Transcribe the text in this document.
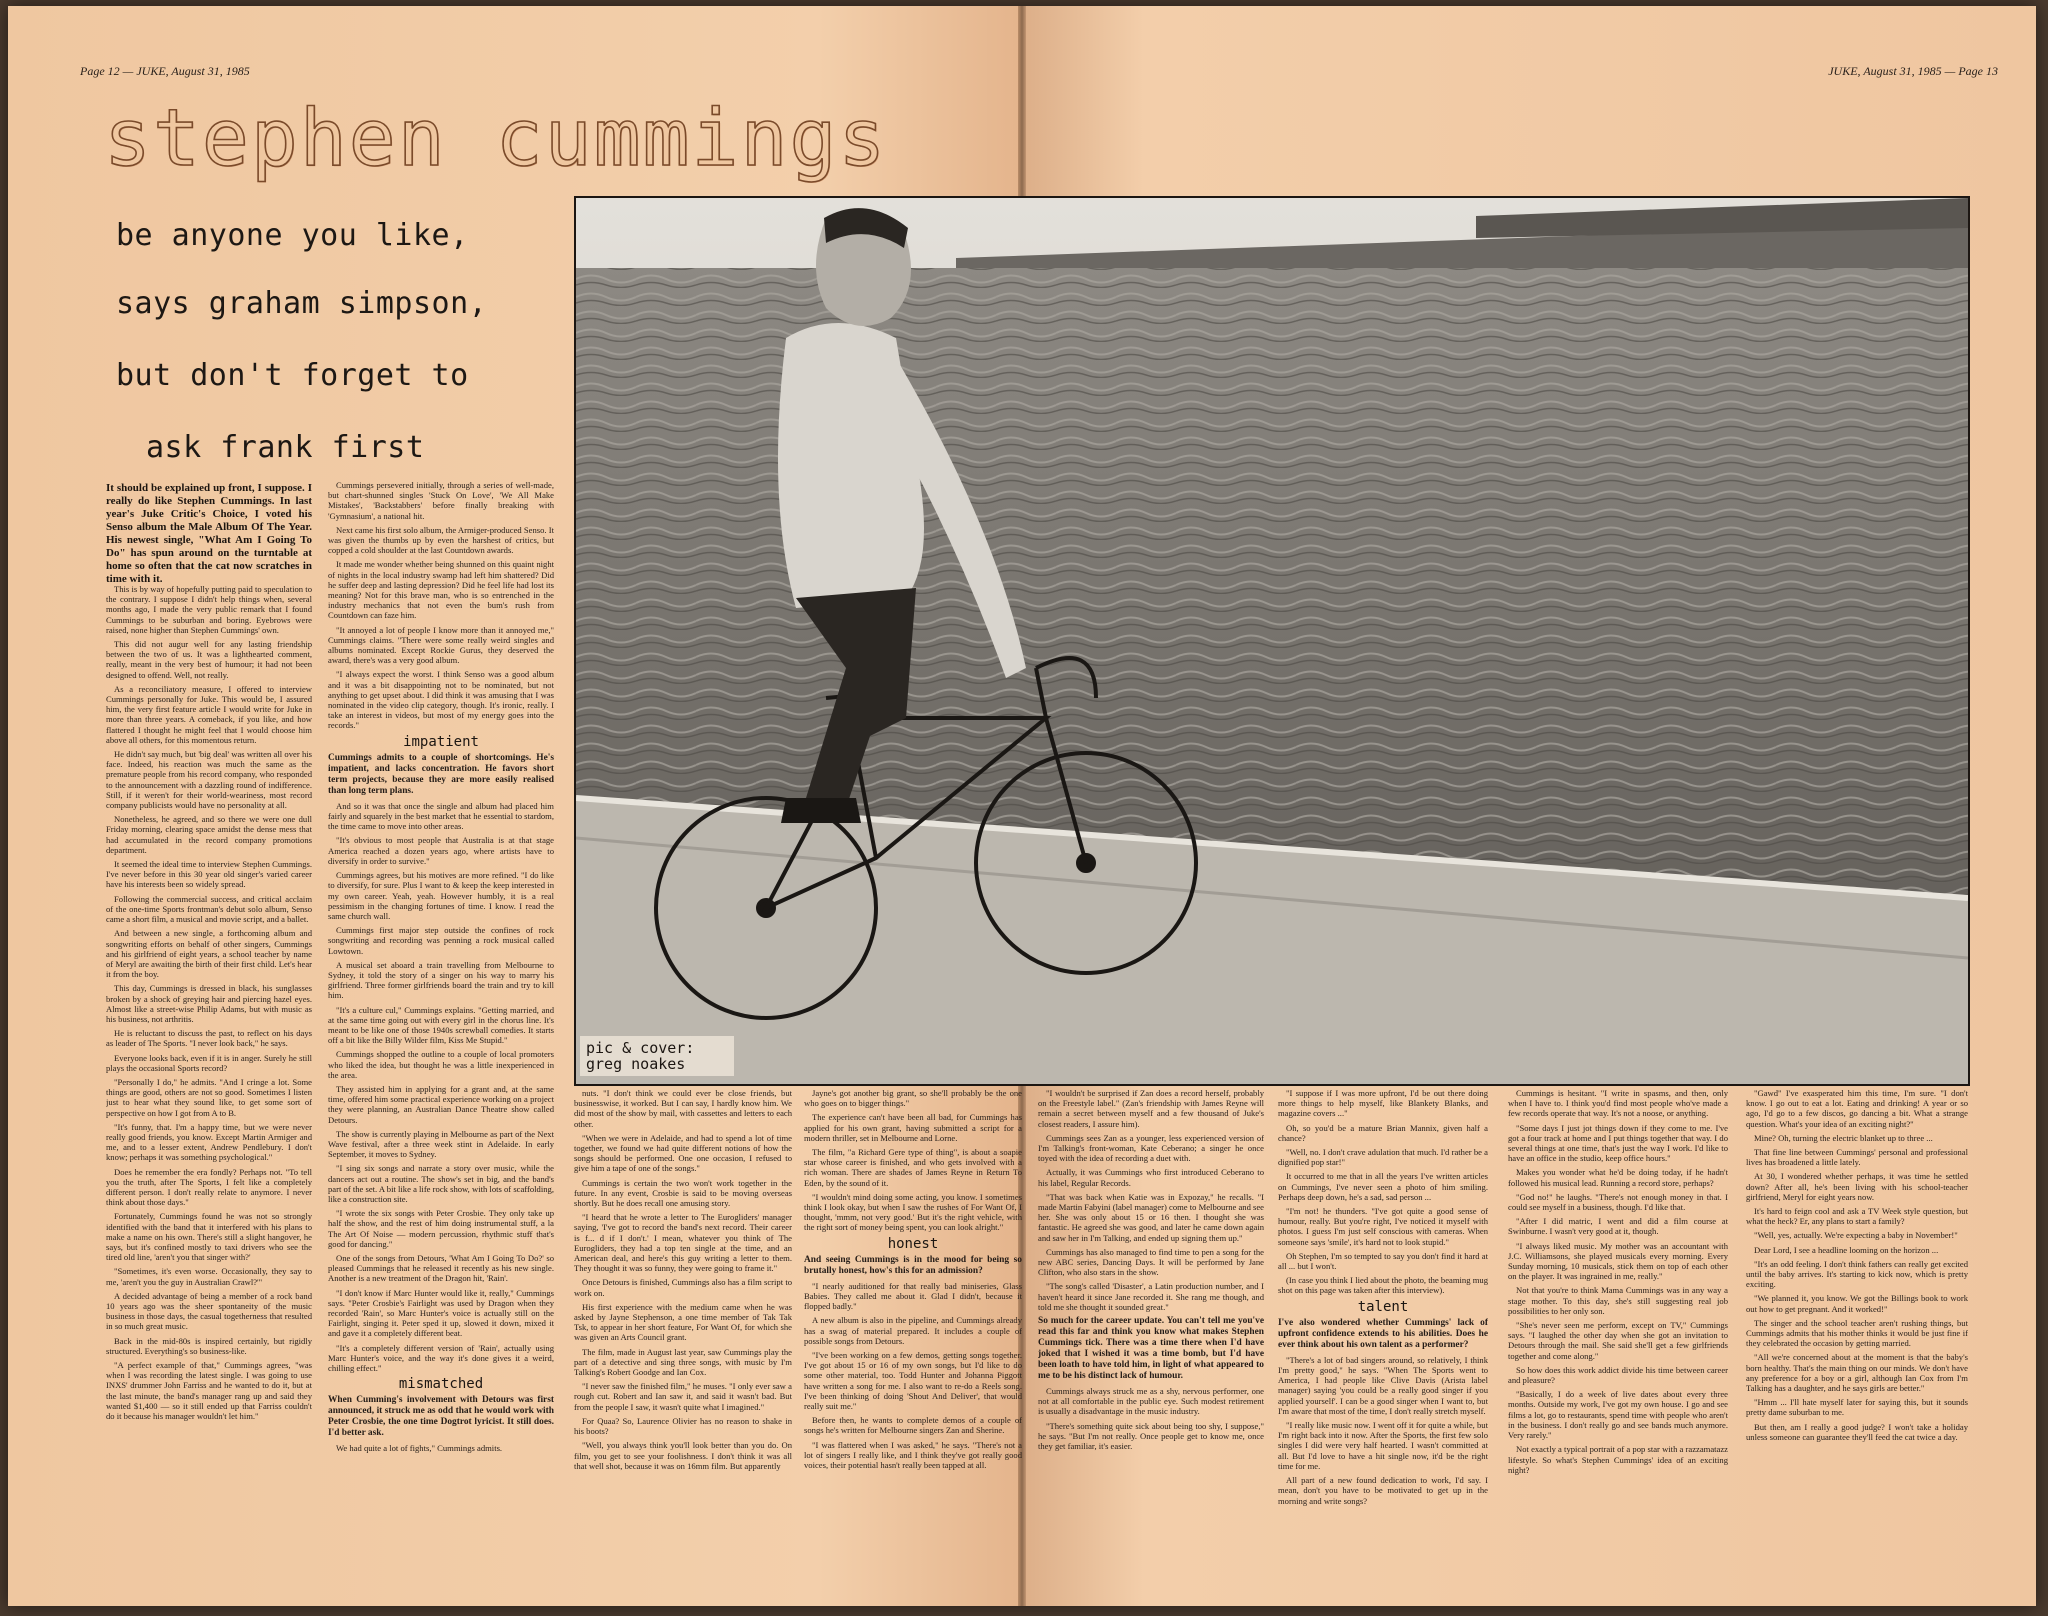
Page 12 — JUKE, August 31, 1985	JUKE, August 31, 1985 — Page 13
stephen cummings
be anyone you like,
says graham simpson,
but don't forget to
ask frank first
It should be explained up front, I suppose. I really do like Stephen Cummings. In last year's Juke Critic's Choice, I voted his Senso album the Male Album Of The Year. His newest single, "What Am I Going To Do" has spun around on the turntable at home so often that the cat now scratches in time with it.

This is by way of hopefully putting paid to speculation to the contrary. I suppose I didn't help things when, several months ago, I made the very public remark that I found Cummings to be suburban and boring. Eyebrows were raised, none higher than Stephen Cummings' own.

This did not augur well for any lasting friendship between the two of us. It was a lighthearted comment, really, meant in the very best of humour; it had not been designed to offend. Well, not really.

As a reconciliatory measure, I offered to interview Cummings personally for Juke. This would be, I assured him, the very first feature article I would write for Juke in more than three years. A comeback, if you like, and how flattered I thought he might feel that I would choose him above all others, for this momentous return.

He didn't say much, but 'big deal' was written all over his face. Indeed, his reaction was much the same as the premature people from his record company, who responded to the announcement with a dazzling round of indifference. Still, if it weren't for their world-weariness, most record company publicists would have no personality at all.

Nonetheless, he agreed, and so there we were one dull Friday morning, clearing space amidst the dense mess that had accumulated in the record company promotions department.

It seemed the ideal time to interview Stephen Cummings. I've never before in this 30 year old singer's varied career have his interests been so widely spread.

Following the commercial success, and critical acclaim of the one-time Sports frontman's debut solo album, Senso came a short film, a musical and movie script, and a ballet.

And between a new single, a forthcoming album and songwriting efforts on behalf of other singers, Cummings and his girlfriend of eight years, a school teacher by name of Meryl are awaiting the birth of their first child. Let's hear it from the boy.

This day, Cummings is dressed in black, his sunglasses broken by a shock of greying hair and piercing hazel eyes. Almost like a street-wise Philip Adams, but with music as his business, not arthritis.

He is reluctant to discuss the past, to reflect on his days as leader of The Sports. "I never look back," he says.

Everyone looks back, even if it is in anger. Surely he still plays the occasional Sports record?

"Personally I do," he admits. "And I cringe a lot. Some things are good, others are not so good. Sometimes I listen just to hear what they sound like, to get some sort of perspective on how I got from A to B.

"It's funny, that. I'm a happy time, but we were never really good friends, you know. Except Martin Armiger and me, and to a lesser extent, Andrew Pendlebury. I don't know; perhaps it was something psychological."

Does he remember the era fondly? Perhaps not. "To tell you the truth, after The Sports, I felt like a completely different person. I don't really relate to anymore. I never think about those days."

Fortunately, Cummings found he was not so strongly identified with the band that it interfered with his plans to make a name on his own. There's still a slight hangover, he says, but it's confined mostly to taxi drivers who see the tired old line, 'aren't you that singer with?'

"Sometimes, it's even worse. Occasionally, they say to me, 'aren't you the guy in Australian Crawl?'"

A decided advantage of being a member of a rock band 10 years ago was the sheer spontaneity of the music business in those days, the casual togetherness that resulted in so much great music.

Back in the mid-80s is inspired certainly, but rigidly structured. Everything's so business-like.

"A perfect example of that," Cummings agrees, "was when I was recording the latest single. I was going to use INXS' drummer John Farriss and he wanted to do it, but at the last minute, the band's manager rang up and said they wanted $1,400 — so it still ended up that Farriss couldn't do it because his manager wouldn't let him."

Cummings persevered initially, through a series of well-made, but chart-shunned singles 'Stuck On Love', 'We All Make Mistakes', 'Backstabbers' before finally breaking with 'Gymnasium', a national hit.

Next came his first solo album, the Armiger-produced Senso. It was given the thumbs up by even the harshest of critics, but copped a cold shoulder at the last Countdown awards.

It made me wonder whether being shunned on this quaint night of nights in the local industry swamp had left him shattered? Did he suffer deep and lasting depression? Did he feel life had lost its meaning? Not for this brave man, who is so entrenched in the industry mechanics that not even the bum's rush from Countdown can faze him.

"It annoyed a lot of people I know more than it annoyed me," Cummings claims. "There were some really weird singles and albums nominated. Except Rockie Gurus, they deserved the award, there's was a very good album.

"I always expect the worst. I think Senso was a good album and it was a bit disappointing not to be nominated, but not anything to get upset about. I did think it was amusing that I was nominated in the video clip category, though. It's ironic, really. I take an interest in videos, but most of my energy goes into the records."

impatient

Cummings admits to a couple of shortcomings. He's impatient, and lacks concentration. He favors short term projects, because they are more easily realised than long term plans.

And so it was that once the single and album had placed him fairly and squarely in the best market that he essential to stardom, the time came to move into other areas.

"It's obvious to most people that Australia is at that stage America reached a dozen years ago, where artists have to diversify in order to survive."

Cummings agrees, but his motives are more refined. "I do like to diversify, for sure. Plus I want to & keep the keep interested in my own career. Yeah, yeah. However humbly, it is a real pessimism in the changing fortunes of time. I know. I read the same church wall.

Cummings first major step outside the confines of rock songwriting and recording was penning a rock musical called Lowtown.

A musical set aboard a train travelling from Melbourne to Sydney, it told the story of a singer on his way to marry his girlfriend. Three former girlfriends board the train and try to kill him.

"It's a culture cul," Cummings explains. "Getting married, and at the same time going out with every girl in the chorus line. It's meant to be like one of those 1940s screwball comedies. It starts off a bit like the Billy Wilder film, Kiss Me Stupid."

Cummings shopped the outline to a couple of local promoters who liked the idea, but thought he was a little inexperienced in the area.

They assisted him in applying for a grant and, at the same time, offered him some practical experience working on a project they were planning, an Australian Dance Theatre show called Detours.

The show is currently playing in Melbourne as part of the Next Wave festival, after a three week stint in Adelaide. In early September, it moves to Sydney.

"I sing six songs and narrate a story over music, while the dancers act out a routine. The show's set in big, and the band's part of the set. A bit like a life rock show, with lots of scaffolding, like a construction site.

"I wrote the six songs with Peter Crosbie. They only take up half the show, and the rest of him doing instrumental stuff, a la The Art Of Noise — modern percussion, rhythmic stuff that's good for dancing."

One of the songs from Detours, 'What Am I Going To Do?' so pleased Cummings that he released it recently as his new single. Another is a new treatment of the Dragon hit, 'Rain'.

"I don't know if Marc Hunter would like it, really," Cummings says. "Peter Crosbie's Fairlight was used by Dragon when they recorded 'Rain', so Marc Hunter's voice is actually still on the Fairlight, singing it. Peter sped it up, slowed it down, mixed it and gave it a completely different beat.

"It's a completely different version of 'Rain', actually using Marc Hunter's voice, and the way it's done gives it a weird, chilling effect."

mismatched

When Cumming's involvement with Detours was first announced, it struck me as odd that he would work with Peter Crosbie, the one time Dogtrot lyricist. It still does. I'd better ask.

We had quite a lot of fights," Cummings admits.

pic & cover:
greg noakes

nuts. "I don't think we could ever be close friends, but businesswise, it worked. But I can say, I hardly know him. We did most of the show by mail, with cassettes and letters to each other.

"When we were in Adelaide, and had to spend a lot of time together, we found we had quite different notions of how the songs should be performed. One one occasion, I refused to give him a tape of one of the songs."

Cummings is certain the two won't work together in the future. In any event, Crosbie is said to be moving overseas shortly. But he does recall one amusing story.

"I heard that he wrote a letter to The Eurogliders' manager saying, 'I've got to record the band's next record. Their career is f... d if I don't.' I mean, whatever you think of The Eurogliders, they had a top ten single at the time, and an American deal, and here's this guy writing a letter to them. They thought it was so funny, they were going to frame it."

Once Detours is finished, Cummings also has a film script to work on.

His first experience with the medium came when he was asked by Jayne Stephenson, a one time member of Tak Tak Tsk, to appear in her short feature, For Want Of, for which she was given an Arts Council grant.

The film, made in August last year, saw Cummings play the part of a detective and sing three songs, with music by I'm Talking's Robert Goodge and Ian Cox.

"I never saw the finished film," he muses. "I only ever saw a rough cut. Robert and Ian saw it, and said it wasn't bad. But from the people I saw, it wasn't quite what I imagined."

For Quaa? So, Laurence Olivier has no reason to shake in his boots?

"Well, you always think you'll look better than you do. On film, you get to see your foolishness. I don't think it was all that well shot, because it was on 16mm film. But apparently

Jayne's got another big grant, so she'll probably be the one who goes on to bigger things."

The experience can't have been all bad, for Cummings has applied for his own grant, having submitted a script for a modern thriller, set in Melbourne and Lorne.

The film, "a Richard Gere type of thing", is about a soapie star whose career is finished, and who gets involved with a rich woman. There are shades of James Reyne in Return To Eden, by the sound of it.

"I wouldn't mind doing some acting, you know. I sometimes think I look okay, but when I saw the rushes of For Want Of, I thought, 'mmm, not very good.' But it's the right vehicle, with the right sort of money being spent, you can look alright."

honest

And seeing Cummings is in the mood for being so brutally honest, how's this for an admission?

"I nearly auditioned for that really bad miniseries, Glass Babies. They called me about it. Glad I didn't, because it flopped badly."

A new album is also in the pipeline, and Cummings already has a swag of material prepared. It includes a couple of possible songs from Detours.

"I've been working on a few demos, getting songs together. I've got about 15 or 16 of my own songs, but I'd like to do some other material, too. Todd Hunter and Johanna Piggott have written a song for me. I also want to re-do a Reels song. I've been thinking of doing 'Shout And Deliver', that would really suit me."

Before then, he wants to complete demos of a couple of songs he's written for Melbourne singers Zan and Sherine.

"I was flattered when I was asked," he says. "There's not a lot of singers I really like, and I think they've got really good voices, their potential hasn't really been tapped at all.

"I wouldn't be surprised if Zan does a record herself, probably on the Freestyle label." (Zan's friendship with James Reyne will remain a secret between myself and a few thousand of Juke's closest readers, I assure him).

Cummings sees Zan as a younger, less experienced version of I'm Talking's front-woman, Kate Ceberano; a singer he once toyed with the idea of recording a duet with.

Actually, it was Cummings who first introduced Ceberano to his label, Regular Records.

"That was back when Katie was in Expozay," he recalls. "I made Martin Fabyini (label manager) come to Melbourne and see her. She was only about 15 or 16 then. I thought she was fantastic. He agreed she was good, and later he came down again and saw her in I'm Talking, and ended up signing them up."

Cummings has also managed to find time to pen a song for the new ABC series, Dancing Days. It will be performed by Jane Clifton, who also stars in the show.

"The song's called 'Disaster', a Latin production number, and I haven't heard it since Jane recorded it. She rang me though, and told me she thought it sounded great."

So much for the career update. You can't tell me you've read this far and think you know what makes Stephen Cummings tick. There was a time there when I'd have joked that I wished it was a time bomb, but I'd have been loath to have told him, in light of what appeared to me to be his distinct lack of humour.

Cummings always struck me as a shy, nervous performer, one not at all comfortable in the public eye. Such modest retirement is usually a disadvantage in the music industry.

"There's something quite sick about being too shy, I suppose," he says. "But I'm not really. Once people get to know me, once they get familiar, it's easier.

"I suppose if I was more upfront, I'd be out there doing more things to help myself, like Blankety Blanks, and magazine covers ..."

Oh, so you'd be a mature Brian Mannix, given half a chance?

"Well, no. I don't crave adulation that much. I'd rather be a dignified pop star!"

It occurred to me that in all the years I've written articles on Cummings, I've never seen a photo of him smiling. Perhaps deep down, he's a sad, sad person ...

"I'm not! he thunders. "I've got quite a good sense of humour, really. But you're right, I've noticed it myself with photos. I guess I'm just self conscious with cameras. When someone says 'smile', it's hard not to look stupid."

Oh Stephen, I'm so tempted to say you don't find it hard at all ... but I won't.

(In case you think I lied about the photo, the beaming mug shot on this page was taken after this interview).

talent

I've also wondered whether Cummings' lack of upfront confidence extends to his abilities. Does he ever think about his own talent as a performer?

"There's a lot of bad singers around, so relatively, I think I'm pretty good," he says. "When The Sports went to America, I had people like Clive Davis (Arista label manager) saying 'you could be a really good singer if you applied yourself'. I can be a good singer when I want to, but I'm aware that most of the time, I don't really stretch myself.

"I really like music now. I went off it for quite a while, but I'm right back into it now. After the Sports, the first few solo singles I did were very half hearted. I wasn't committed at all. But I'd love to have a hit single now, it'd be the right time for me.

All part of a new found dedication to work, I'd say. I mean, don't you have to be motivated to get up in the morning and write songs?

Cummings is hesitant. "I write in spasms, and then, only when I have to. I think you'd find most people who've made a few records operate that way. It's not a noose, or anything.

"Some days I just jot things down if they come to me. I've got a four track at home and I put things together that way. I do several things at one time, that's just the way I work. I'd like to have an office in the studio, keep office hours."

Makes you wonder what he'd be doing today, if he hadn't followed his musical lead. Running a record store, perhaps?

"God no!" he laughs. "There's not enough money in that. I could see myself in a business, though. I'd like that.

"After I did matric, I went and did a film course at Swinburne. I wasn't very good at it, though.

"I always liked music. My mother was an accountant with J.C. Williamsons, she played musicals every morning. Every Sunday morning, 10 musicals, stick them on top of each other on the player. It was ingrained in me, really."

Not that you're to think Mama Cummings was in any way a stage mother. To this day, she's still suggesting real job possibilities to her only son.

"She's never seen me perform, except on TV," Cummings says. "I laughed the other day when she got an invitation to Detours through the mail. She said she'll get a few girlfriends together and come along."

So how does this work addict divide his time between career and pleasure?

"Basically, I do a week of live dates about every three months. Outside my work, I've got my own house. I go and see films a lot, go to restaurants, spend time with people who aren't in the business. I don't really go and see bands much anymore. Very rarely."

Not exactly a typical portrait of a pop star with a razzamatazz lifestyle. So what's Stephen Cummings' idea of an exciting night?

"Gawd" I've exasperated him this time, I'm sure. "I don't know. I go out to eat a lot. Eating and drinking! A year or so ago, I'd go to a few discos, go dancing a bit. What a strange question. What's your idea of an exciting night?"

Mine? Oh, turning the electric blanket up to three ...

That fine line between Cummings' personal and professional lives has broadened a little lately.

At 30, I wondered whether perhaps, it was time he settled down? After all, he's been living with his school-teacher girlfriend, Meryl for eight years now.

It's hard to feign cool and ask a TV Week style question, but what the heck? Er, any plans to start a family?

"Well, yes, actually. We're expecting a baby in November!"

Dear Lord, I see a headline looming on the horizon ...

"It's an odd feeling. I don't think fathers can really get excited until the baby arrives. It's starting to kick now, which is pretty exciting.

"We planned it, you know. We got the Billings book to work out how to get pregnant. And it worked!"

The singer and the school teacher aren't rushing things, but Cummings admits that his mother thinks it would be just fine if they celebrated the occasion by getting married.

"All we're concerned about at the moment is that the baby's born healthy. That's the main thing on our minds. We don't have any preference for a boy or a girl, although Ian Cox from I'm Talking has a daughter, and he says girls are better."

"Hmm ... I'll hate myself later for saying this, but it sounds pretty dame suburban to me.

But then, am I really a good judge? I won't take a holiday unless someone can guarantee they'll feed the cat twice a day.
